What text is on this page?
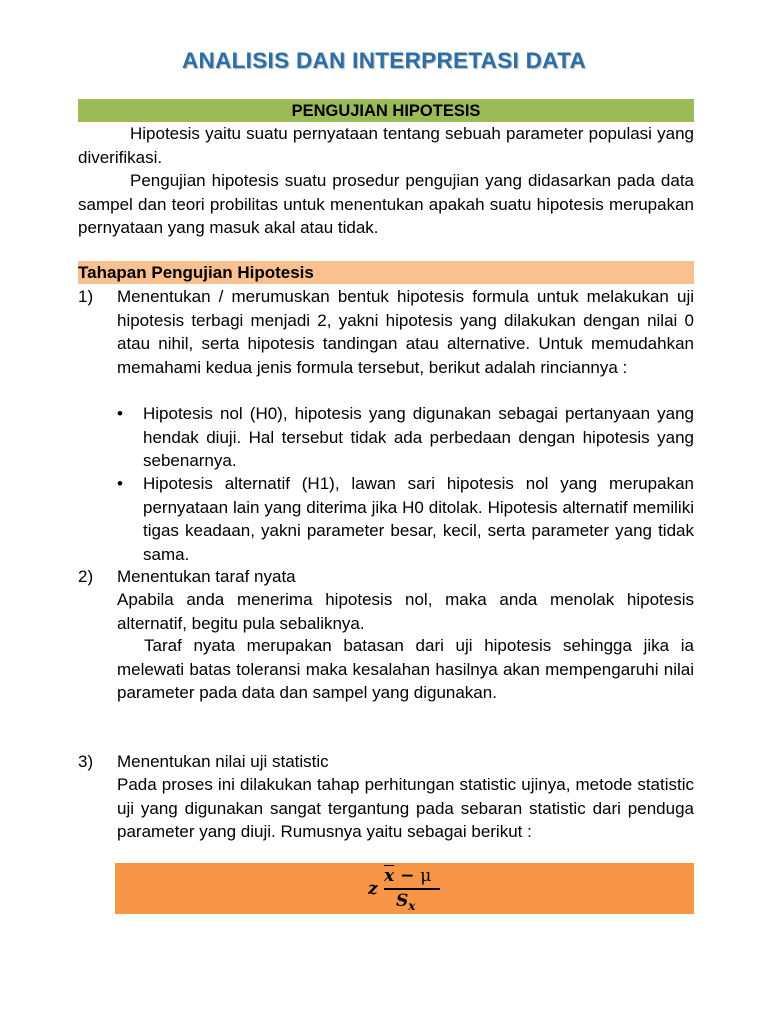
ANALISIS DAN INTERPRETASI DATA
PENGUJIAN HIPOTESIS
Hipotesis yaitu suatu pernyataan tentang sebuah parameter populasi yang diverifikasi.
Pengujian hipotesis suatu prosedur pengujian yang didasarkan pada data sampel dan teori probilitas untuk menentukan apakah suatu hipotesis merupakan pernyataan yang masuk akal atau tidak.
Tahapan Pengujian Hipotesis
1) Menentukan / merumuskan bentuk hipotesis formula untuk melakukan uji hipotesis terbagi menjadi 2, yakni hipotesis yang dilakukan dengan nilai 0 atau nihil, serta hipotesis tandingan atau alternative. Untuk memudahkan memahami kedua jenis formula tersebut, berikut adalah rinciannya :
• Hipotesis nol (H0), hipotesis yang digunakan sebagai pertanyaan yang hendak diuji. Hal tersebut tidak ada perbedaan dengan hipotesis yang sebenarnya.
• Hipotesis alternatif (H1), lawan sari hipotesis nol yang merupakan pernyataan lain yang diterima jika H0 ditolak. Hipotesis alternatif memiliki tigas keadaan, yakni parameter besar, kecil, serta parameter yang tidak sama.
2) Menentukan taraf nyata
Apabila anda menerima hipotesis nol, maka anda menolak hipotesis alternatif, begitu pula sebaliknya.
Taraf nyata merupakan batasan dari uji hipotesis sehingga jika ia melewati batas toleransi maka kesalahan hasilnya akan mempengaruhi nilai parameter pada data dan sampel yang digunakan.
3) Menentukan nilai uji statistic
Pada proses ini dilakukan tahap perhitungan statistic ujinya, metode statistic uji yang digunakan sangat tergantung pada sebaran statistic dari penduga parameter yang diuji. Rumusnya yaitu sebagai berikut :
z
$\overline{x} - \mu$
$S_x$
